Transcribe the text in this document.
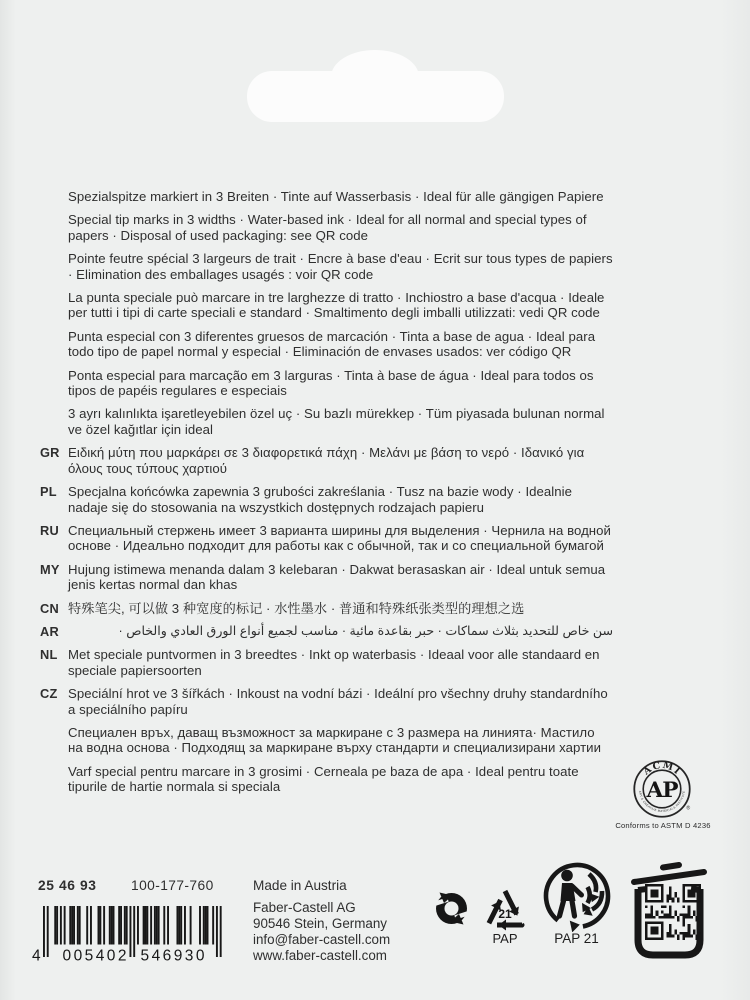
Spezialspitze markiert in 3 Breiten · Tinte auf Wasserbasis · Ideal für alle gängigen Papiere

Special tip marks in 3 widths · Water-based ink · Ideal for all normal and special types of papers · Disposal of used packaging: see QR code

Pointe feutre spécial 3 largeurs de trait · Encre à base d'eau · Ecrit sur tous types de papiers · Elimination des emballages usagés : voir QR code

La punta speciale può marcare in tre larghezze di tratto · Inchiostro a base d'acqua · Ideale per tutti i tipi di carte speciali e standard · Smaltimento degli imballi utilizzati: vedi QR code

Punta especial con 3 diferentes gruesos de marcación · Tinta a base de agua · Ideal para todo tipo de papel normal y especial · Eliminación de envases usados: ver código QR

Ponta especial para marcação em 3 larguras · Tinta à base de água · Ideal para todos os tipos de papéis regulares e especiais

3 ayrı kalınlıkta işaretleyebilen özel uç · Su bazlı mürekkep · Tüm piyasada bulunan normal ve özel kağıtlar için ideal

GR Ειδική μύτη που μαρκάρει σε 3 διαφορετικά πάχη · Μελάνι με βάση το νερό · Ιδανικό για όλους τους τύπους χαρτιού

PL Specjalna końcówka zapewnia 3 grubości zakreślania · Tusz na bazie wody · Idealnie nadaje się do stosowania na wszystkich dostępnych rodzajach papieru

RU Специальный стержень имеет 3 варианта ширины для выделения · Чернила на водной основе · Идеально подходит для работы как с обычной, так и со специальной бумагой

MY Hujung istimewa menanda dalam 3 kelebaran · Dakwat berasaskan air · Ideal untuk semua jenis kertas normal dan khas

CN 特殊笔尖, 可以做 3 种宽度的标记 · 水性墨水 · 普通和特殊纸张类型的理想之选

AR	سن خاص للتحديد بثلاث سماكات · حبر بقاعدة مائية · مناسب لجميع أنواع الورق العادي والخاص ·

NL Met speciale puntvormen in 3 breedtes · Inkt op waterbasis · Ideaal voor alle standaard en speciale papiersoorten

CZ Speciální hrot ve 3 šířkách · Inkoust na vodní bázi · Ideální pro všechny druhy standardního a speciálního papíru

Специален връх, даващ възможност за маркиране с 3 размера на линията· Мастило на водна основа · Подходящ за маркиране върху стандарти и специализирани хартии

Varf special pentru marcare in 3 grosimi · Cerneala pe baza de apa · Ideal pentru toate tipurile de hartie normala si speciala

ACMI
ART & CREATIVE MATERIALS INSTITUTE
AP
®
Conforms to ASTM D 4236
25 46 93 100-177-760	Made in Austria
Faber-Castell AG
90546 Stein, Germany
info@faber-castell.com
www.faber-castell.com
4 005402 546930
21
PAP	PAP 21
